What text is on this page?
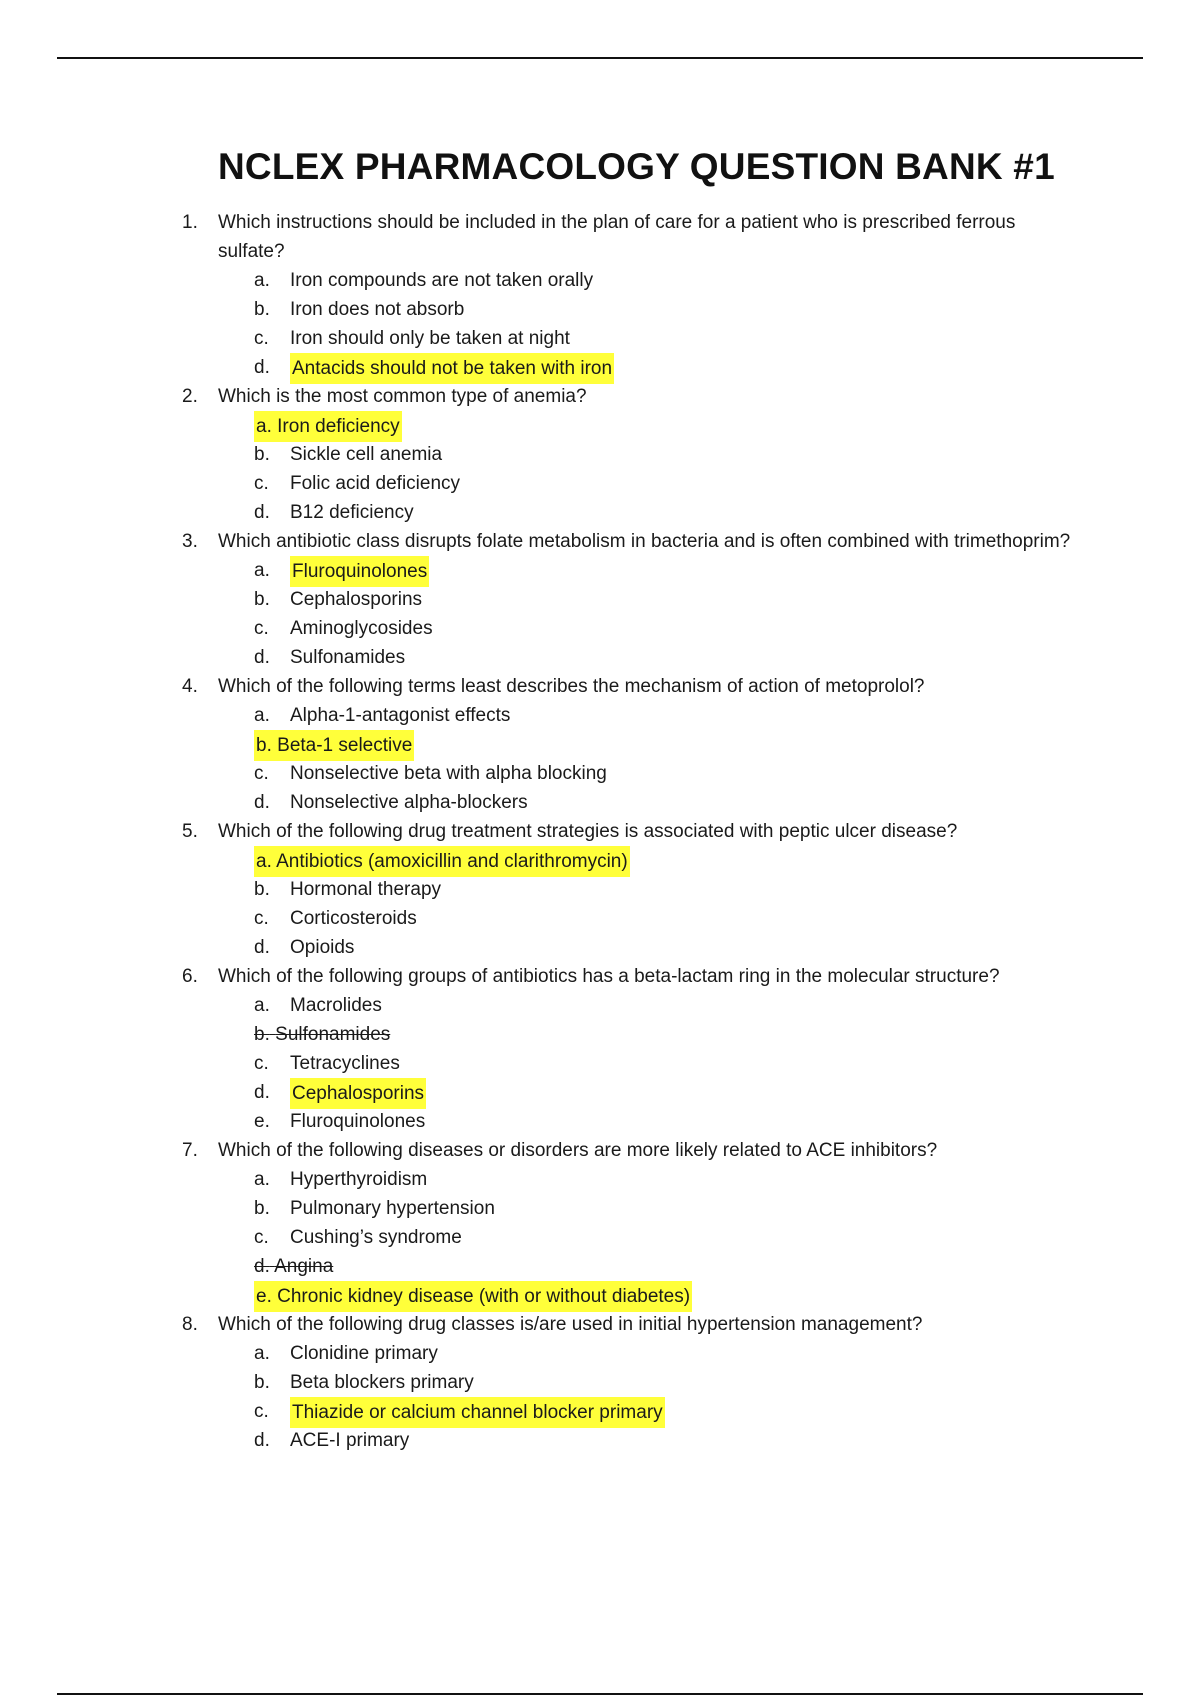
NCLEX PHARMACOLOGY QUESTION BANK #1
1. Which instructions should be included in the plan of care for a patient who is prescribed ferrous sulfate?
a. Iron compounds are not taken orally
b. Iron does not absorb
c. Iron should only be taken at night
d. Antacids should not be taken with iron
2. Which is the most common type of anemia?
a. Iron deficiency
b. Sickle cell anemia
c. Folic acid deficiency
d. B12 deficiency
3. Which antibiotic class disrupts folate metabolism in bacteria and is often combined with trimethoprim?
a. Fluroquinolones
b. Cephalosporins
c. Aminoglycosides
d. Sulfonamides
4. Which of the following terms least describes the mechanism of action of metoprolol?
a. Alpha-1-antagonist effects
b. Beta-1 selective
c. Nonselective beta with alpha blocking
d. Nonselective alpha-blockers
5. Which of the following drug treatment strategies is associated with peptic ulcer disease?
a. Antibiotics (amoxicillin and clarithromycin)
b. Hormonal therapy
c. Corticosteroids
d. Opioids
6. Which of the following groups of antibiotics has a beta-lactam ring in the molecular structure?
a. Macrolides
b. Sulfonamides
c. Tetracyclines
d. Cephalosporins
e. Fluroquinolones
7. Which of the following diseases or disorders are more likely related to ACE inhibitors?
a. Hyperthyroidism
b. Pulmonary hypertension
c. Cushing’s syndrome
d. Angina
e. Chronic kidney disease (with or without diabetes)
8. Which of the following drug classes is/are used in initial hypertension management?
a. Clonidine primary
b. Beta blockers primary
c. Thiazide or calcium channel blocker primary
d. ACE-I primary
